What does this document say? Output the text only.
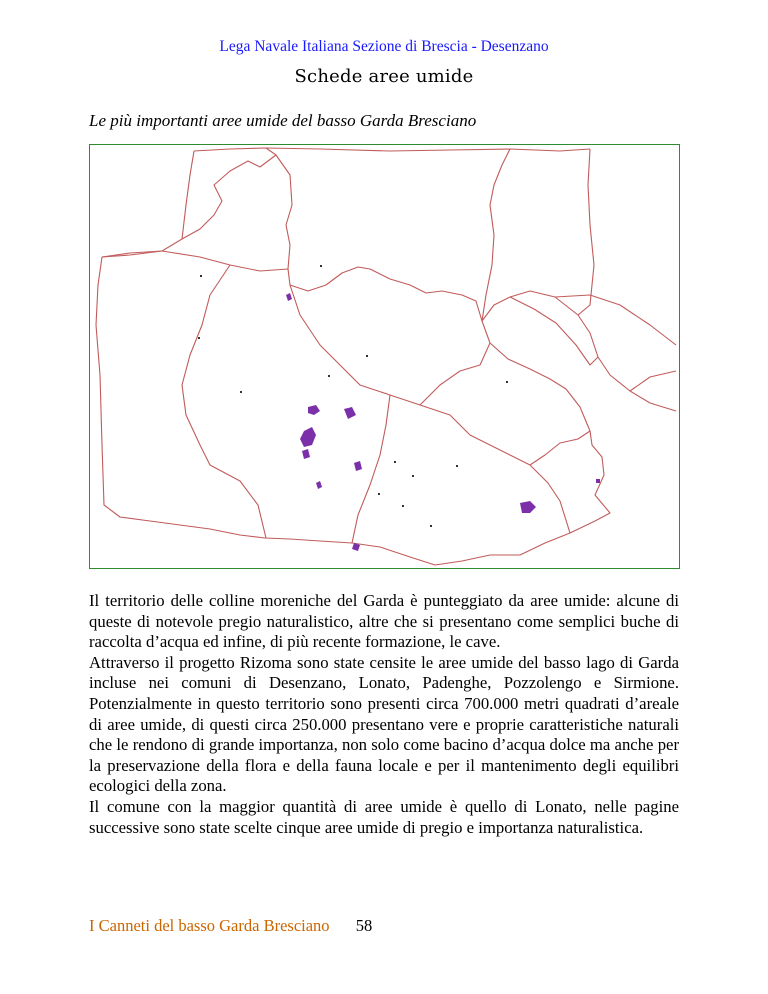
Lega Navale Italiana Sezione di Brescia - Desenzano
Schede aree umide
Le più importanti aree umide del basso Garda Bresciano

Il territorio delle colline moreniche del Garda è punteggiato da aree umide: alcune di queste di notevole pregio naturalistico, altre che si presentano come semplici buche di raccolta d’acqua ed infine, di più recente formazione, le cave.

Attraverso il progetto Rizoma sono state censite le aree umide del basso lago di Garda incluse nei comuni di Desenzano, Lonato, Padenghe, Pozzolengo e Sirmione. Potenzialmente in questo territorio sono presenti circa 700.000 metri quadrati d’areale di aree umide, di questi circa 250.000 presentano vere e proprie caratteristiche naturali che le rendono di grande importanza, non solo come bacino d’acqua dolce ma anche per la preservazione della flora e della fauna locale e per il mantenimento degli equilibri ecologici della zona.

Il comune con la maggior quantità di aree umide è quello di Lonato, nelle pagine successive sono state scelte cinque aree umide di pregio e importanza naturalistica.

I Canneti del basso Garda Bresciano 58
